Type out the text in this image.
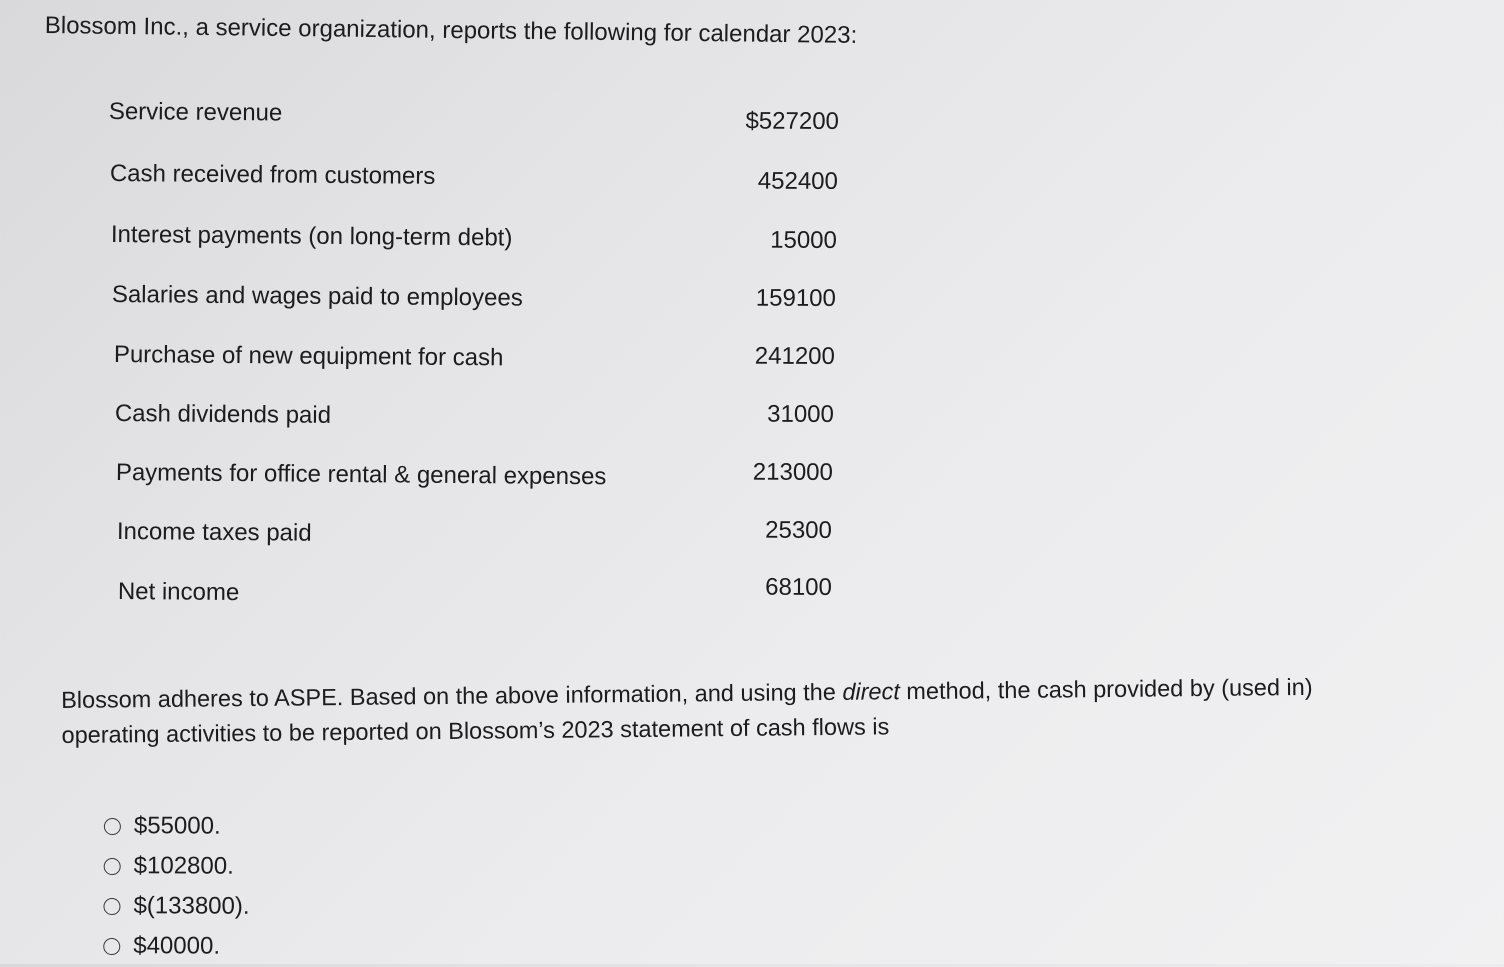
Blossom Inc., a service organization, reports the following for calendar 2023:
Service revenue	$527200
Cash received from customers	452400
Interest payments (on long-term debt)	15000
Salaries and wages paid to employees	159100
Purchase of new equipment for cash	241200
Cash dividends paid	31000
Payments for office rental & general expenses	213000
Income taxes paid	25300
Net income	68100
Blossom adheres to ASPE. Based on the above information, and using the direct method, the cash provided by (used in) operating activities to be reported on Blossom’s 2023 statement of cash flows is
$55000.
$102800.
$(133800).
$40000.
